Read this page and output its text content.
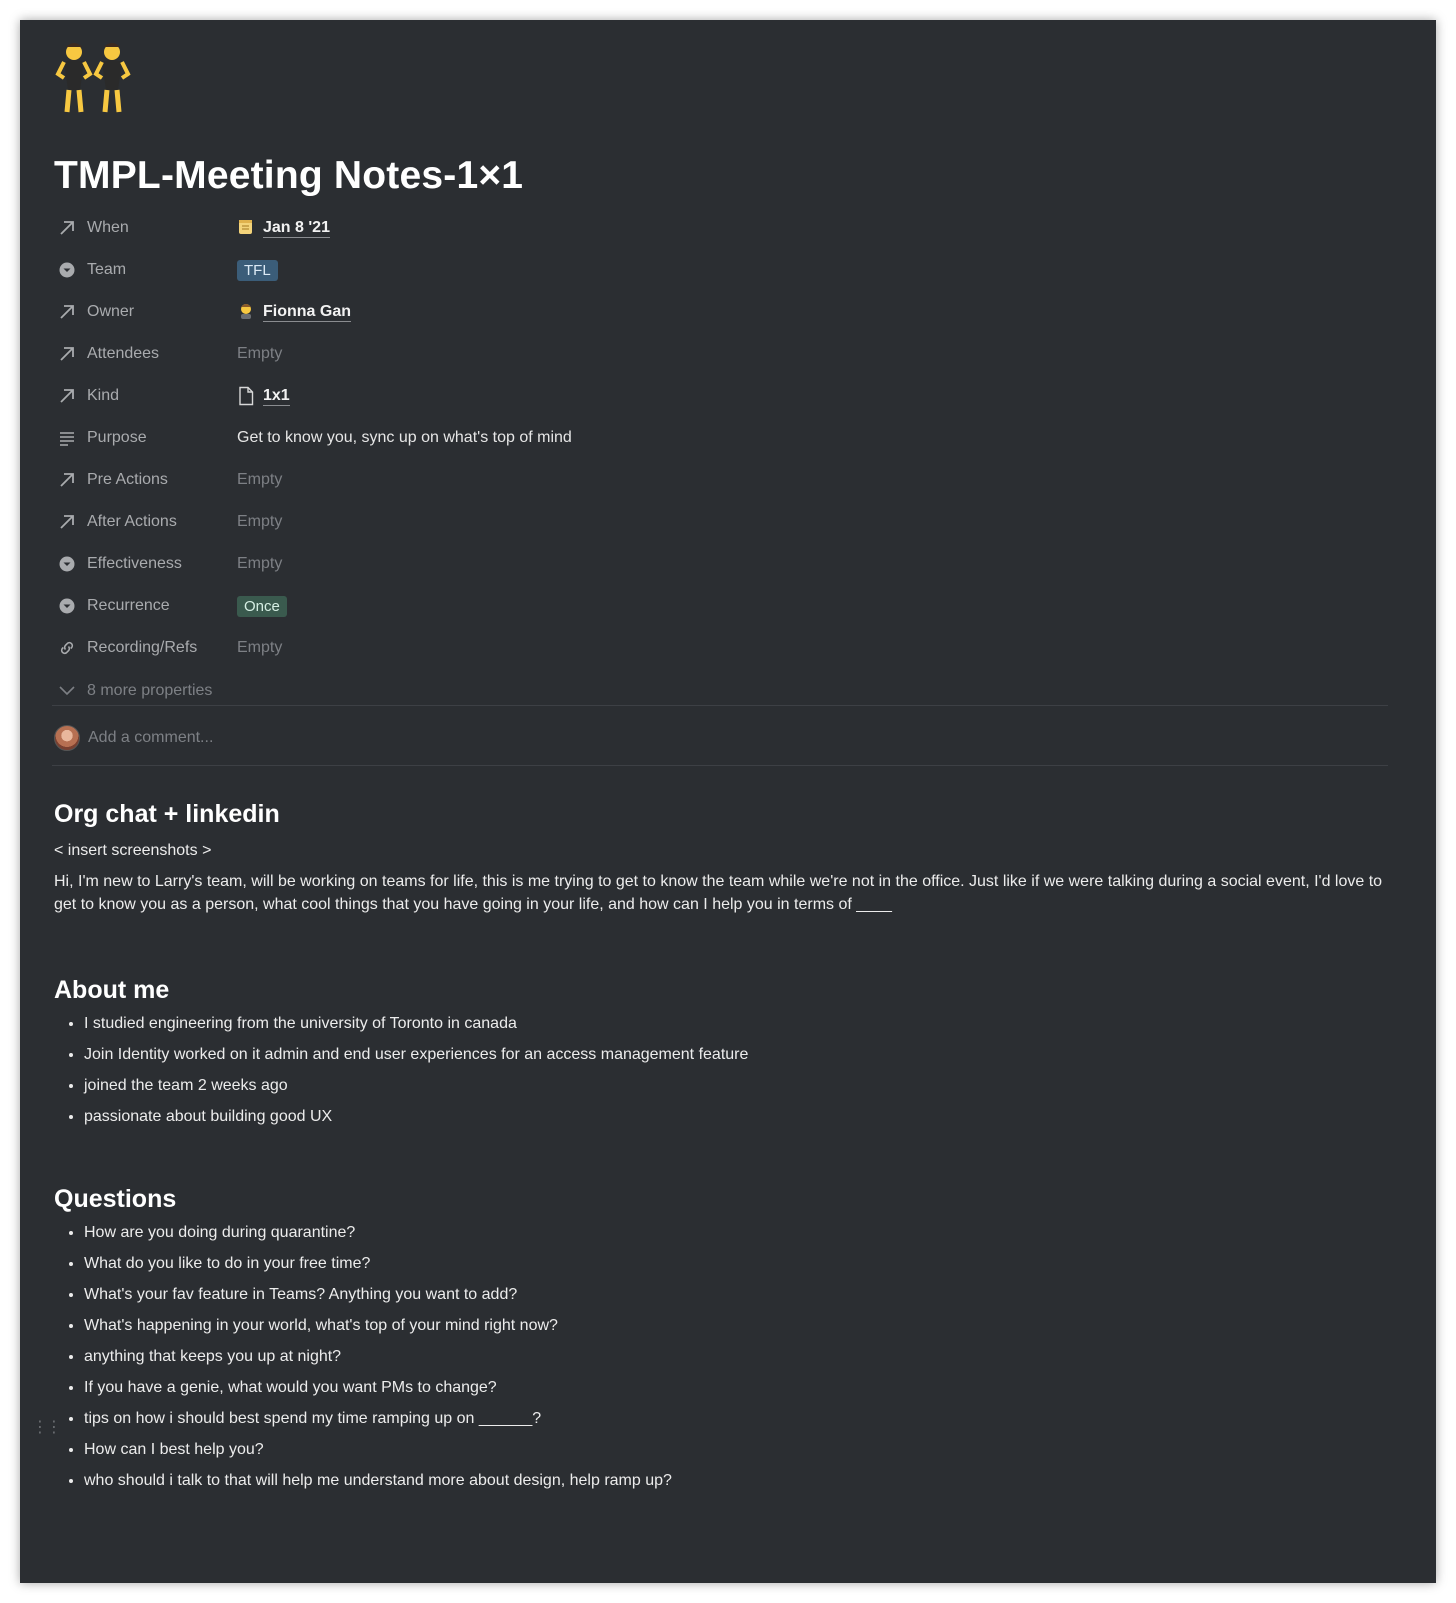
TMPL-Meeting Notes-1×1
When	Jan 8 '21
Team	TFL
Owner	Fionna Gan
Attendees	Empty
Kind	1x1
Purpose	Get to know you, sync up on what's top of mind
Pre Actions	Empty
After Actions	Empty
Effectiveness	Empty
Recurrence	Once
Recording/Refs Empty
8 more properties
Add a comment...
Org chat + linkedin
< insert screenshots >
Hi, I'm new to Larry's team, will be working on teams for life, this is me trying to get to know the team while we're not in the office. Just like if we were talking during a social event, I'd love to get to know you as a person, what cool things that you have going in your life, and how can I help you in terms of ____
About me
• I studied engineering from the university of Toronto in canada
• Join Identity worked on it admin and end user experiences for an access management feature
• joined the team 2 weeks ago
• passionate about building good UX
Questions
• How are you doing during quarantine?
• What do you like to do in your free time?
• What's your fav feature in Teams? Anything you want to add?
• What's happening in your world, what's top of your mind right now?
• anything that keeps you up at night?
• If you have a genie, what would you want PMs to change?
• tips on how i should best spend my time ramping up on ______?
• How can I best help you?
• who should i talk to that will help me understand more about design, help ramp up?
⋮⋮
